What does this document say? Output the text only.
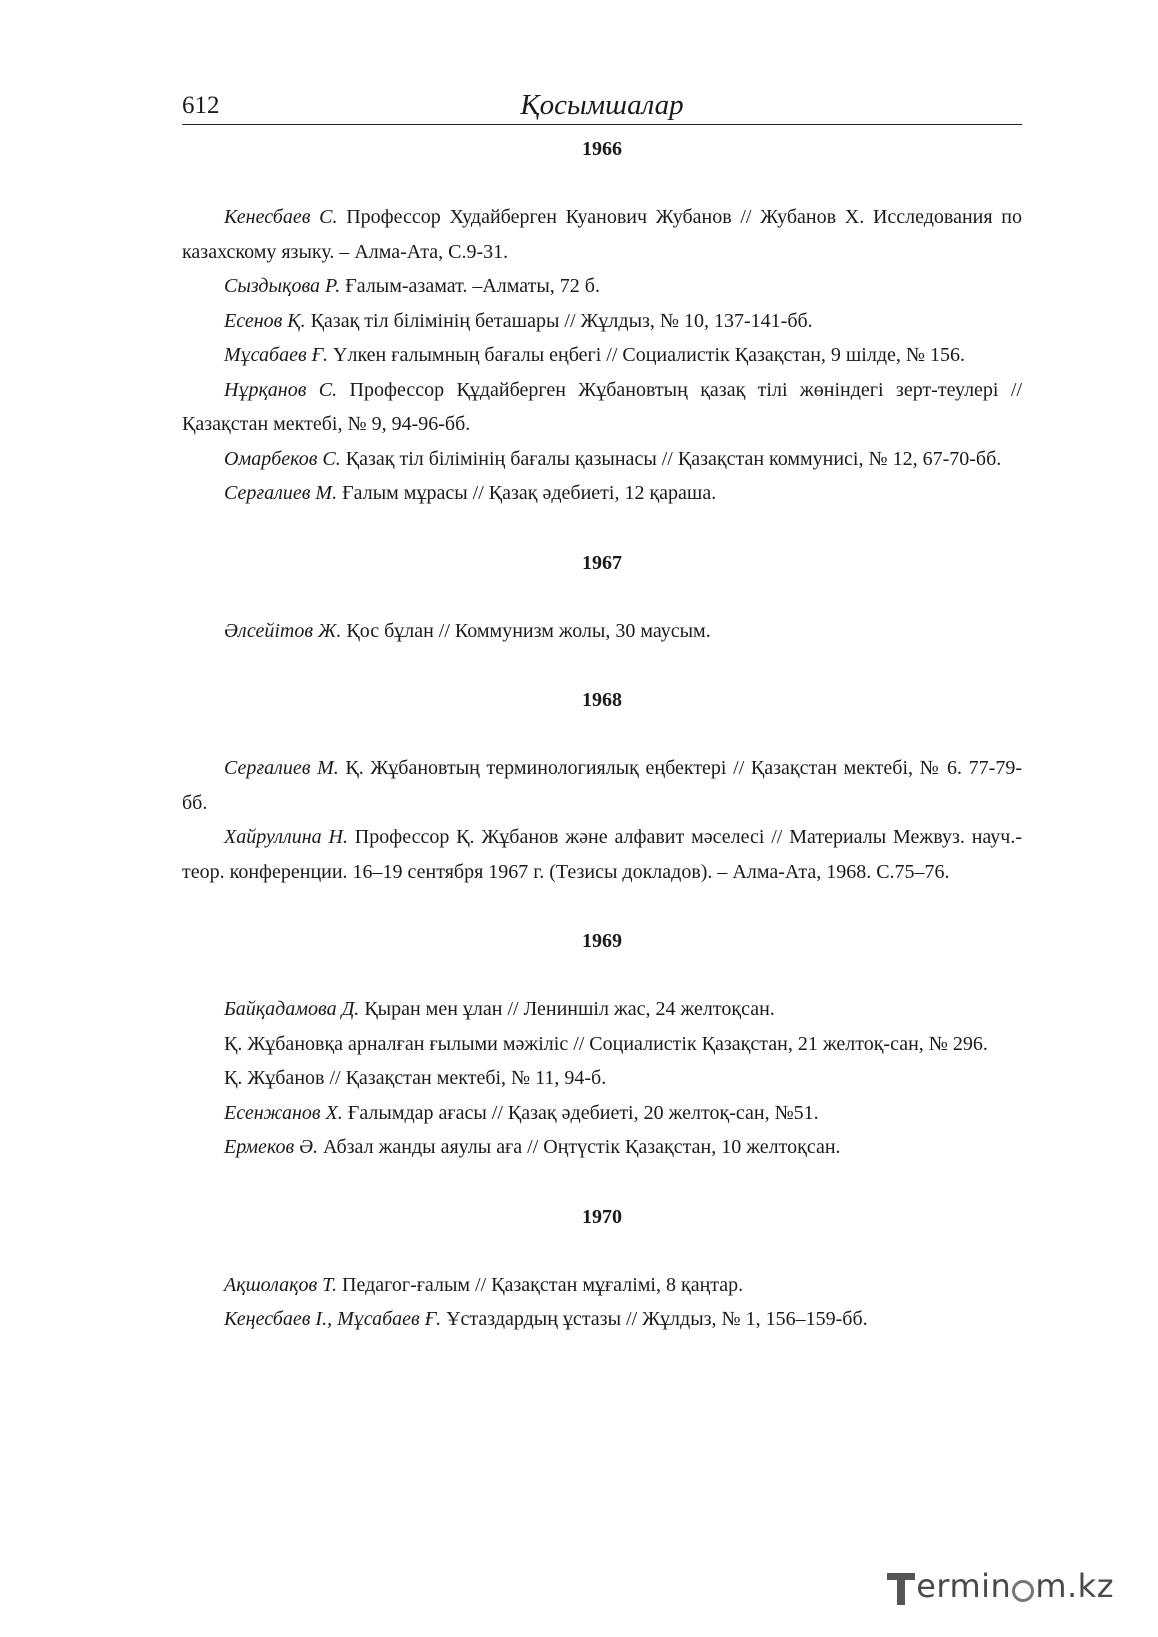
612	Қосымшалар
1966

Кенесбаев С. Профессор Худайберген Куанович Жубанов // Жубанов Х. Исследования по казахскому языку. – Алма-Ата, С.9-31.

Сыздықова Р. Ғалым-азамат. –Алматы, 72 б.

Есенов Қ. Қазақ тіл білімінің беташары // Жұлдыз, № 10, 137-141-бб.

Мұсабаев Ғ. Үлкен ғалымның бағалы еңбегі // Социалистік Қазақстан, 9 шілде, № 156.

Нұрқанов С. Профессор Құдайберген Жұбановтың қазақ тілі жөніндегі зерт-теулері // Қазақстан мектебі, № 9, 94-96-бб.

Омарбеков С. Қазақ тіл білімінің бағалы қазынасы // Қазақстан коммунисі, № 12, 67-70-бб.

Серғалиев М. Ғалым мұрасы // Қазақ әдебиеті, 12 қараша.

1967

Әлсейітов Ж. Қос бұлан // Коммунизм жолы, 30 маусым.

1968

Серғалиев М. Қ. Жұбановтың терминологиялық еңбектері // Қазақстан мектебі, № 6. 77-79-бб.

Хайруллина Н. Профессор Қ. Жұбанов және алфавит мәселесі // Материалы Межвуз. науч.-теор. конференции. 16–19 сентября 1967 г. (Тезисы докладов). – Алма-Ата, 1968. С.75–76.

1969

Байқадамова Д. Қыран мен ұлан // Лениншіл жас, 24 желтоқсан.

Қ. Жұбановқа арналған ғылыми мәжіліс // Социалистік Қазақстан, 21 желтоқ-сан, № 296.

Қ. Жұбанов // Қазақстан мектебі, № 11, 94-б.

Есенжанов Х. Ғалымдар ағасы // Қазақ әдебиеті, 20 желтоқ-сан, №51.

Ермеков Ә. Абзал жанды аяулы аға // Оңтүстік Қазақстан, 10 желтоқсан.

1970

Ақшолақов Т. Педагог-ғалым // Қазақстан мұғалімі, 8 қаңтар.

Кеңесбаев І., Мұсабаев Ғ. Ұстаздардың ұстазы // Жұлдыз, № 1, 156–159-бб.

ermin m.kz
